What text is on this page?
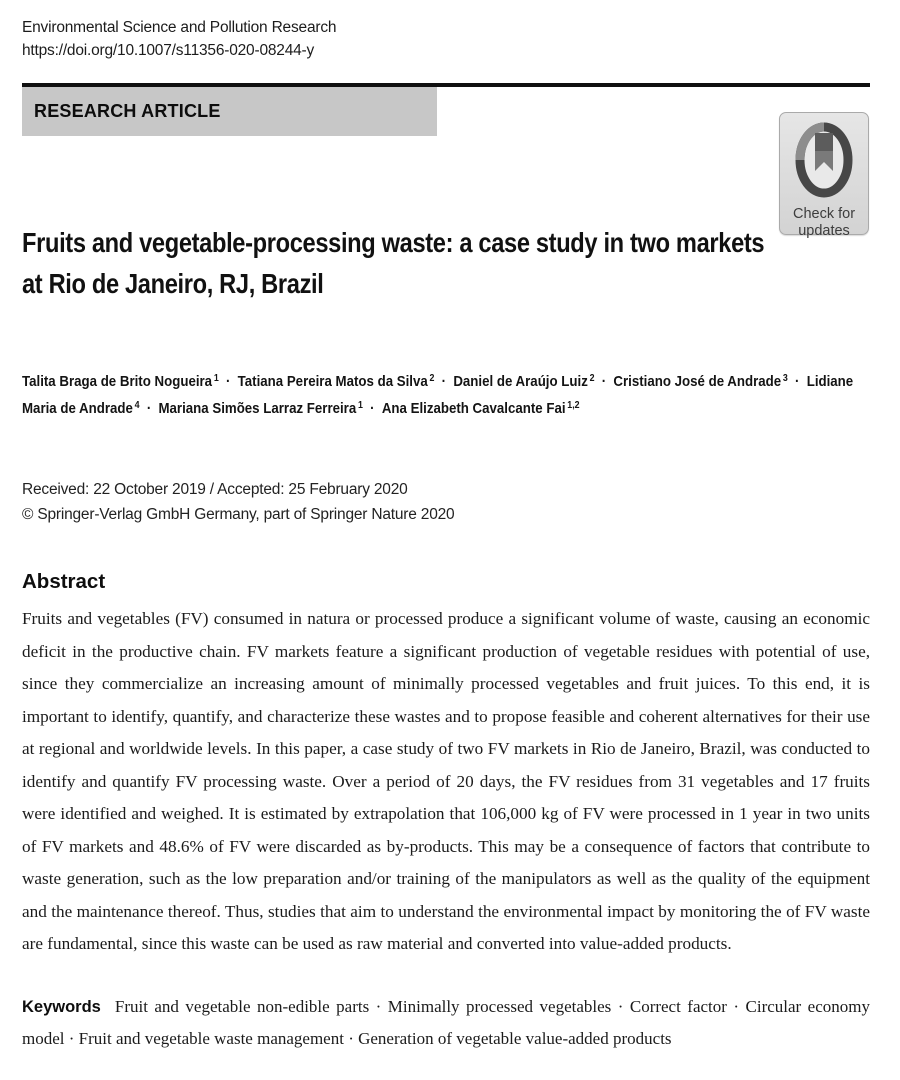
Environmental Science and Pollution Research
https://doi.org/10.1007/s11356-020-08244-y
RESEARCH ARTICLE
Check for
updates
Fruits and vegetable-processing waste: a case study in two markets
at Rio de Janeiro, RJ, Brazil

Talita Braga de Brito Nogueira $^1$ · Tatiana Pereira Matos da Silva $^2$ · Daniel de Araújo Luiz $^2$ · Cristiano José de Andrade $^3$ · Lidiane Maria de Andrade $^4$ · Mariana Simões Larraz Ferreira $^1$ · Ana Elizabeth Cavalcante Fai $^{1,2}$

Received: 22 October 2019 / Accepted: 25 February 2020
© Springer-Verlag GmbH Germany, part of Springer Nature 2020
Abstract

Fruits and vegetables (FV) consumed in natura or processed produce a significant volume of waste, causing an economic deficit in the productive chain. FV markets feature a significant production of vegetable residues with potential of use, since they commercialize an increasing amount of minimally processed vegetables and fruit juices. To this end, it is important to identify, quantify, and characterize these wastes and to propose feasible and coherent alternatives for their use at regional and worldwide levels. In this paper, a case study of two FV markets in Rio de Janeiro, Brazil, was conducted to identify and quantify FV processing waste. Over a period of 20 days, the FV residues from 31 vegetables and 17 fruits were identified and weighed. It is estimated by extrapolation that 106,000 kg of FV were processed in 1 year in two units of FV markets and 48.6% of FV were discarded as by-products. This may be a consequence of factors that contribute to waste generation, such as the low preparation and/or training of the manipulators as well as the quality of the equipment and the maintenance thereof. Thus, studies that aim to understand the environmental impact by monitoring the of FV waste are fundamental, since this waste can be used as raw material and converted into value-added products.

Keywords Fruit and vegetable non-edible parts · Minimally processed vegetables · Correct factor · Circular economy model · Fruit and vegetable waste management · Generation of vegetable value-added products
